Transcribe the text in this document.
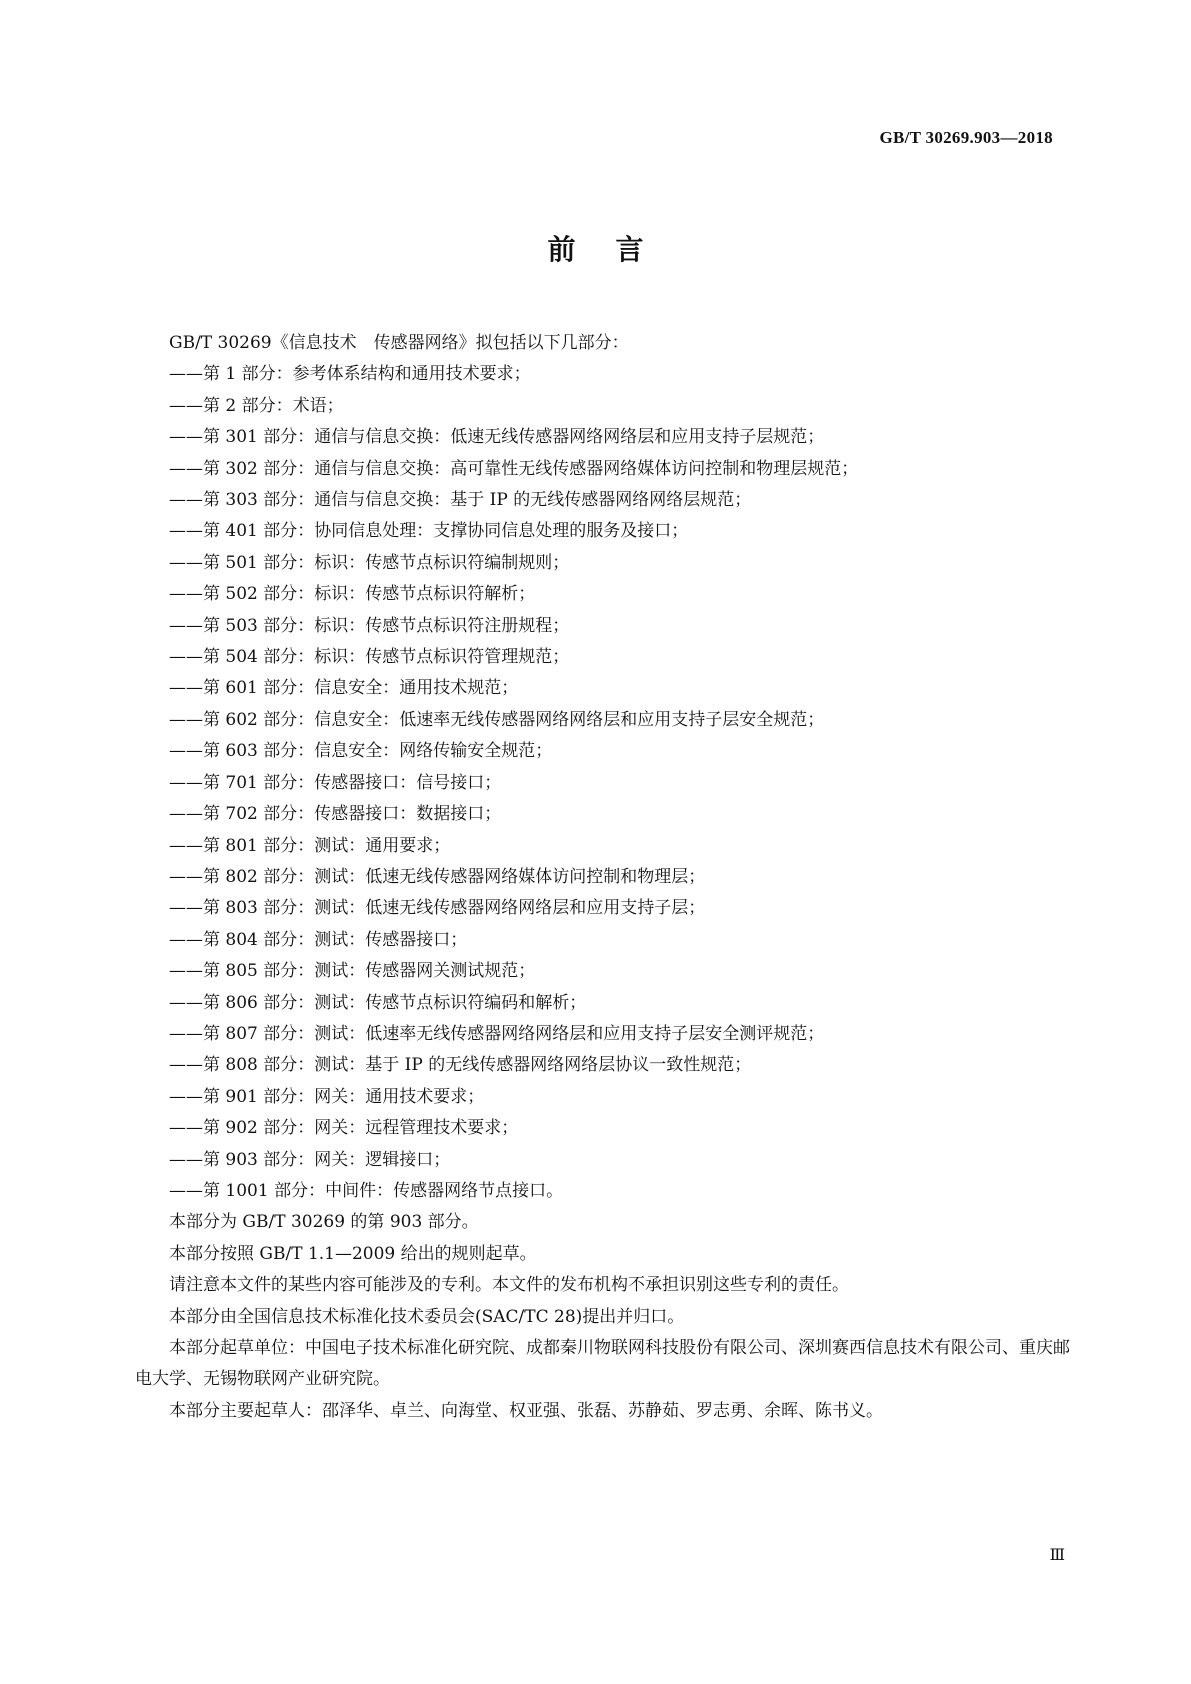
GB/T 30269.903—2018
前言

GB/T 30269《信息技术　传感器网络》拟包括以下几部分：

——第 1 部分：参考体系结构和通用技术要求；

——第 2 部分：术语；

——第 301 部分：通信与信息交换：低速无线传感器网络网络层和应用支持子层规范；

——第 302 部分：通信与信息交换：高可靠性无线传感器网络媒体访问控制和物理层规范；

——第 303 部分：通信与信息交换：基于 IP 的无线传感器网络网络层规范；

——第 401 部分：协同信息处理：支撑协同信息处理的服务及接口；

——第 501 部分：标识：传感节点标识符编制规则；

——第 502 部分：标识：传感节点标识符解析；

——第 503 部分：标识：传感节点标识符注册规程；

——第 504 部分：标识：传感节点标识符管理规范；

——第 601 部分：信息安全：通用技术规范；

——第 602 部分：信息安全：低速率无线传感器网络网络层和应用支持子层安全规范；

——第 603 部分：信息安全：网络传输安全规范；

——第 701 部分：传感器接口：信号接口；

——第 702 部分：传感器接口：数据接口；

——第 801 部分：测试：通用要求；

——第 802 部分：测试：低速无线传感器网络媒体访问控制和物理层；

——第 803 部分：测试：低速无线传感器网络网络层和应用支持子层；

——第 804 部分：测试：传感器接口；

——第 805 部分：测试：传感器网关测试规范；

——第 806 部分：测试：传感节点标识符编码和解析；

——第 807 部分：测试：低速率无线传感器网络网络层和应用支持子层安全测评规范；

——第 808 部分：测试：基于 IP 的无线传感器网络网络层协议一致性规范；

——第 901 部分：网关：通用技术要求；

——第 902 部分：网关：远程管理技术要求；

——第 903 部分：网关：逻辑接口；

——第 1001 部分：中间件：传感器网络节点接口。

本部分为 GB/T 30269 的第 903 部分。

本部分按照 GB/T 1.1—2009 给出的规则起草。

请注意本文件的某些内容可能涉及的专利。本文件的发布机构不承担识别这些专利的责任。

本部分由全国信息技术标准化技术委员会(SAC/TC 28)提出并归口。

本部分起草单位：中国电子技术标准化研究院、成都秦川物联网科技股份有限公司、深圳赛西信息技术有限公司、重庆邮电大学、无锡物联网产业研究院。

本部分主要起草人：邵泽华、卓兰、向海堂、权亚强、张磊、苏静茹、罗志勇、余晖、陈书义。

Ⅲ
